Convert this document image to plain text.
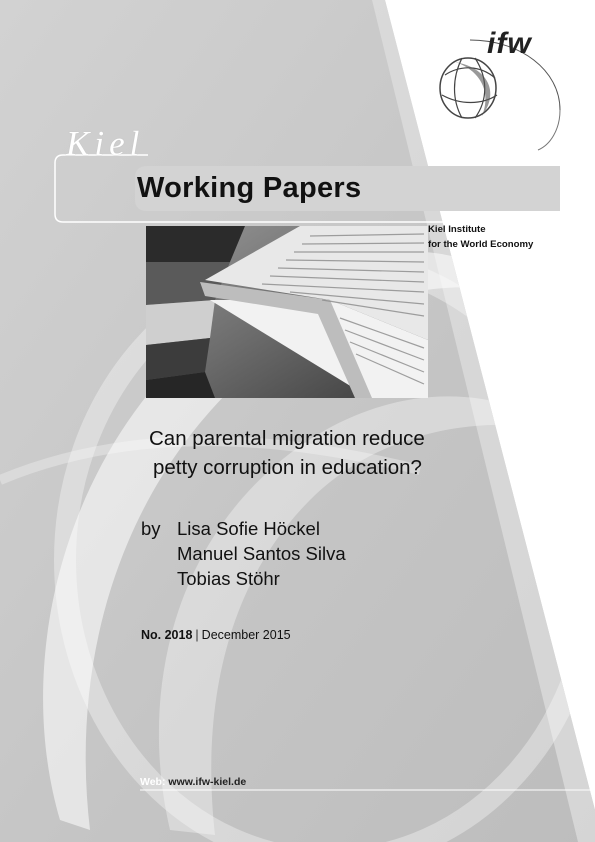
ifw
Kiel
Working Papers
Kiel Institute
for the World Economy
Can parental migration reduce
petty corruption in education?
by Lisa Sofie Höckel
Manuel Santos Silva
Tobias Stöhr
No. 2018 | December 2015
Web: www.ifw-kiel.de
